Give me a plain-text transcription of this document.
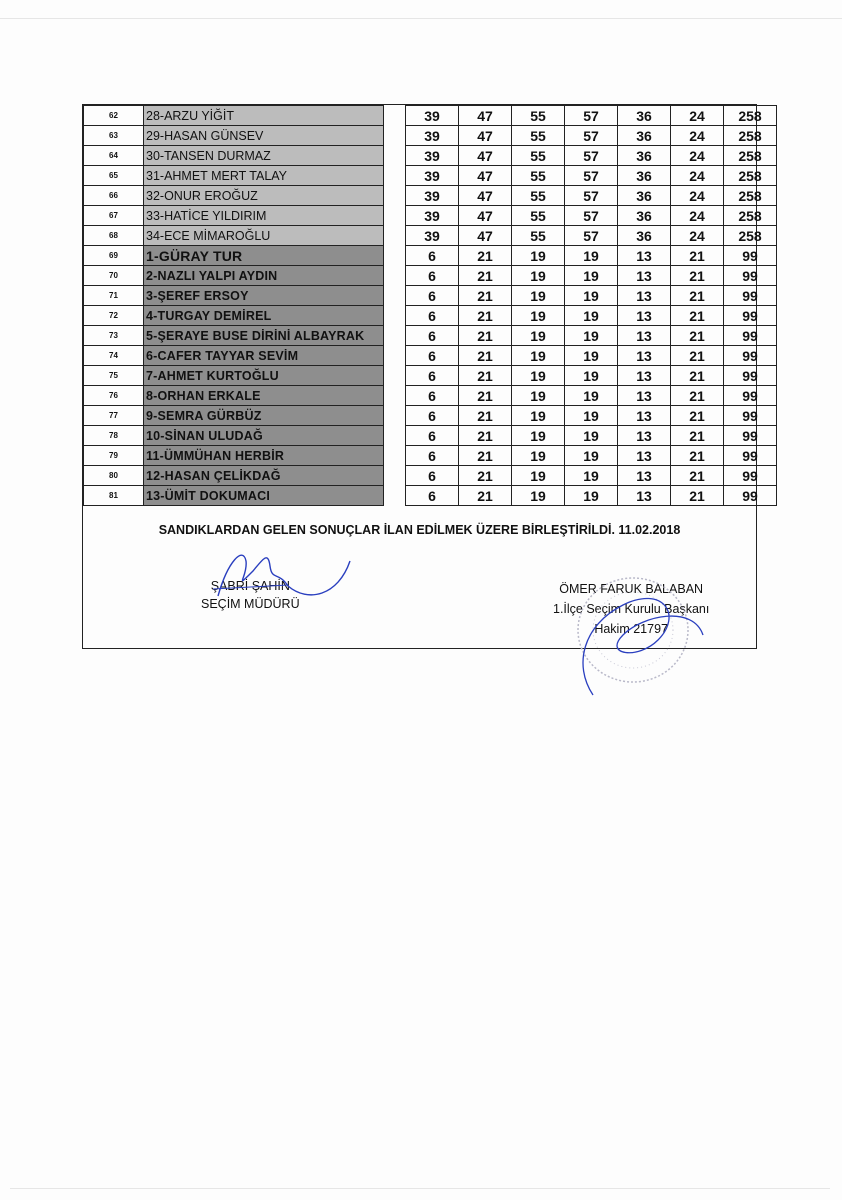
62	28-ARZU YİĞİT		39	47	55	57	36	24	258
63	29-HASAN GÜNSEV		39	47	55	57	36	24	258
64	30-TANSEN DURMAZ		39	47	55	57	36	24	258
65	31-AHMET MERT TALAY		39	47	55	57	36	24	258
66	32-ONUR EROĞUZ		39	47	55	57	36	24	258
67	33-HATİCE YILDIRIM		39	47	55	57	36	24	258
68	34-ECE MİMAROĞLU		39	47	55	57	36	24	258
69	1-GÜRAY TUR		6	21	19	19	13	21	99
70	2-NAZLI YALPI AYDIN		6	21	19	19	13	21	99
71	3-ŞEREF ERSOY		6	21	19	19	13	21	99
72	4-TURGAY DEMİREL		6	21	19	19	13	21	99
73	5-ŞERAYE BUSE DİRİNİ ALBAYRAK		6	21	19	19	13	21	99
74	6-CAFER TAYYAR SEVİM		6	21	19	19	13	21	99
75	7-AHMET KURTOĞLU		6	21	19	19	13	21	99
76	8-ORHAN ERKALE		6	21	19	19	13	21	99
77	9-SEMRA GÜRBÜZ		6	21	19	19	13	21	99
78	10-SİNAN ULUDAĞ		6	21	19	19	13	21	99
79	11-ÜMMÜHAN HERBİR		6	21	19	19	13	21	99
80	12-HASAN ÇELİKDAĞ		6	21	19	19	13	21	99
81	13-ÜMİT DOKUMACI		6	21	19	19	13	21	99
SANDIKLARDAN GELEN SONUÇLAR İLAN EDİLMEK ÜZERE BİRLEŞTİRİLDİ. 11.02.2018
ŞABRİ ŞAHİN
SEÇİM MÜDÜRÜ
ÖMER FARUK BALABAN
1.İlçe Seçim Kurulu Başkanı
Hakim 21797
